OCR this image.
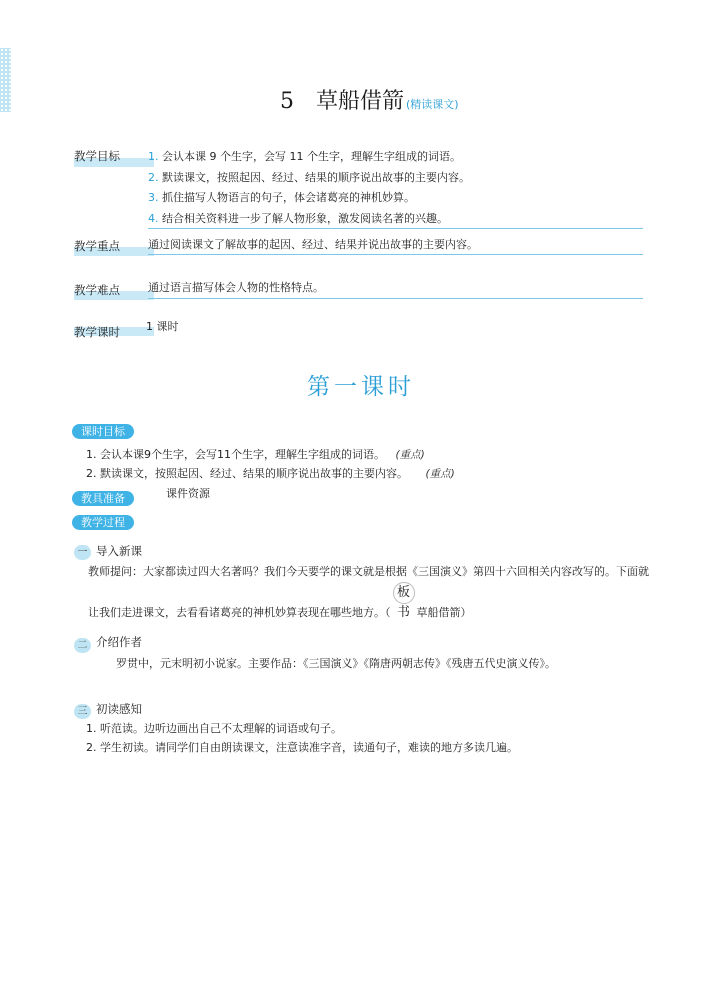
5 草船借箭 (精读课文)
教学目标	1. 会认本课 9 个生字，会写 11 个生字，理解生字组成的词语。
2. 默读课文，按照起因、经过、结果的顺序说出故事的主要内容。
3. 抓住描写人物语言的句子，体会诸葛亮的神机妙算。
4. 结合相关资料进一步了解人物形象，激发阅读名著的兴趣。
教学重点	通过阅读课文了解故事的起因、经过、结果并说出故事的主要内容。
教学难点	通过语言描写体会人物的性格特点。
教学课时 1 课时
第一课时
课时目标
1. 会认本课9个生字，会写11个生字，理解生字组成的词语。 (重点)
2. 默读课文，按照起因、经过、结果的顺序说出故事的主要内容。 (重点)
教具准备	课件资源
教学过程
一 导入新课
教师提问：大家都读过四大名著吗？我们今天要学的课文就是根据《三国演义》第四十六回相关内容改写的。下面就让我们走进课文，去看看诸葛亮的神机妙算表现在哪些地方。（板书 草船借箭）
二 介绍作者
罗贯中，元末明初小说家。主要作品：《三国演义》《隋唐两朝志传》《残唐五代史演义传》。
三 初读感知
1. 听范读。边听边画出自己不太理解的词语或句子。
2. 学生初读。请同学们自由朗读课文，注意读准字音，读通句子，难读的地方多读几遍。
